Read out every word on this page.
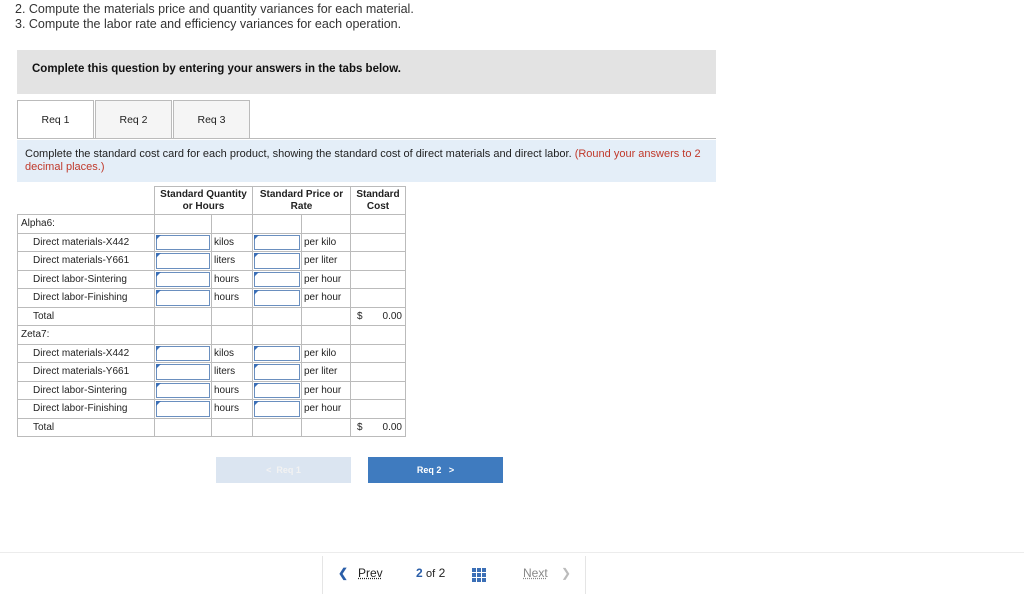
2. Compute the materials price and quantity variances for each material.
3. Compute the labor rate and efficiency variances for each operation.
Complete this question by entering your answers in the tabs below.
Req 1	Req 2	Req 3

Complete the standard cost card for each product, showing the standard cost of direct materials and direct labor. (Round your answers to 2 decimal places.)

	Standard Quantity or Hours		Standard Price or Rate		Standard Cost
Alpha6:					
Direct materials-X442		kilos		per kilo	
Direct materials-Y661		liters		per liter	
Direct labor-Sintering		hours		per hour	
Direct labor-Finishing		hours		per hour	
Total					$ 0.00

Zeta7:					
Direct materials-X442		kilos		per kilo	
Direct materials-Y661		liters		per liter	
Direct labor-Sintering		hours		per hour	
Direct labor-Finishing		hours		per hour	
Total					$ 0.00
< Req 1	Req 2 >
❮ Prev	2 of 2	Next ❯
